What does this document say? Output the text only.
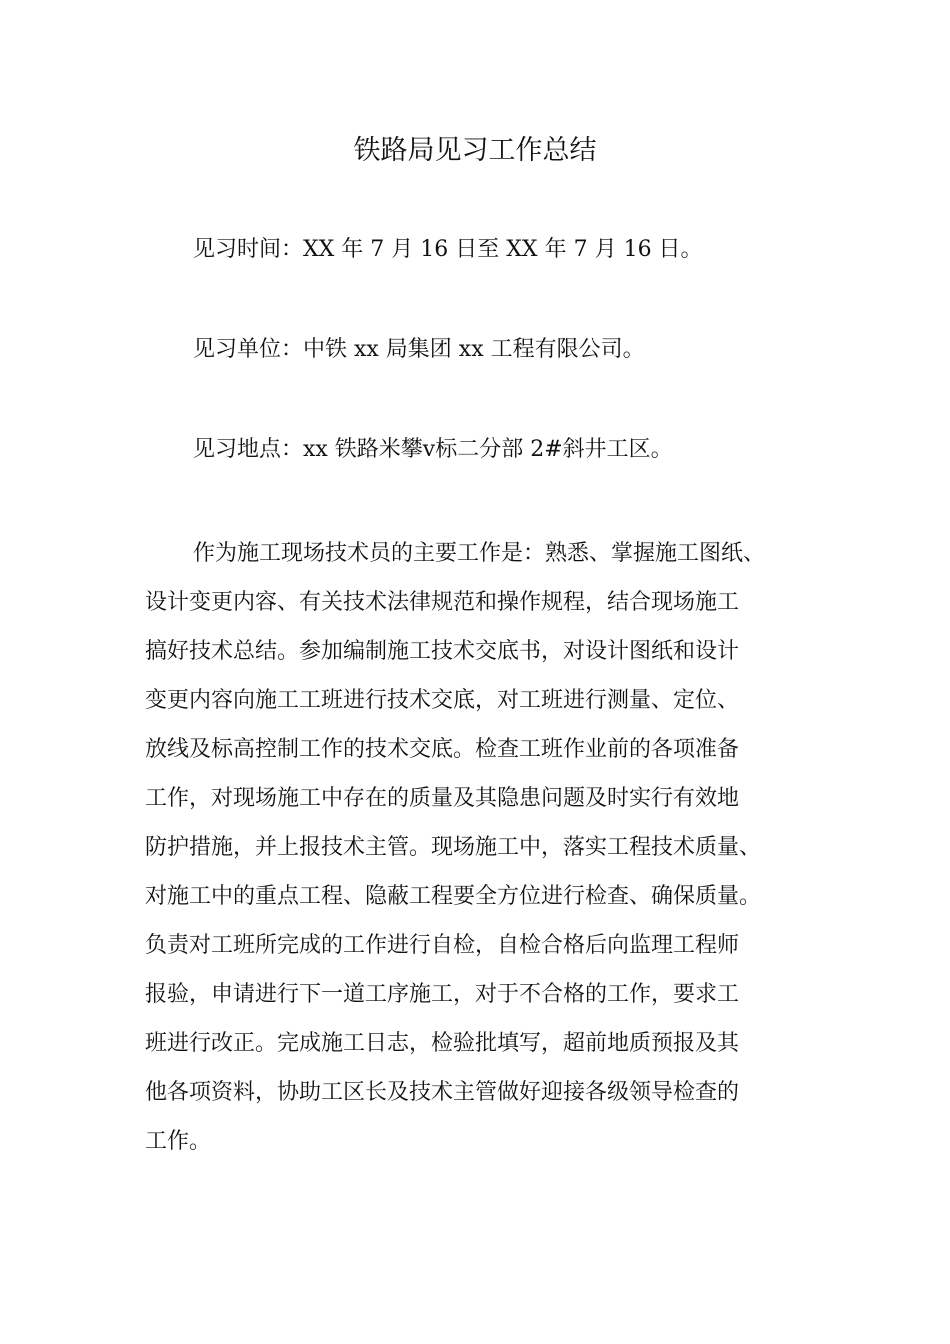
铁路局见习工作总结

见习时间：XX 年 7 月 16 日至 XX 年 7 月 16 日。

见习单位：中铁 xx 局集团 xx 工程有限公司。

见习地点：xx 铁路米攀ⅴ标二分部 2#斜井工区。

作为施工现场技术员的主要工作是：熟悉、掌握施工图纸、
设计变更内容、有关技术法律规范和操作规程，结合现场施工
搞好技术总结。参加编制施工技术交底书，对设计图纸和设计
变更内容向施工工班进行技术交底，对工班进行测量、定位、
放线及标高控制工作的技术交底。检查工班作业前的各项准备
工作，对现场施工中存在的质量及其隐患问题及时实行有效地
防护措施，并上报技术主管。现场施工中，落实工程技术质量、
对施工中的重点工程、隐蔽工程要全方位进行检查、确保质量。
负责对工班所完成的工作进行自检，自检合格后向监理工程师
报验，申请进行下一道工序施工，对于不合格的工作，要求工
班进行改正。完成施工日志，检验批填写，超前地质预报及其
他各项资料，协助工区长及技术主管做好迎接各级领导检查的
工作。
